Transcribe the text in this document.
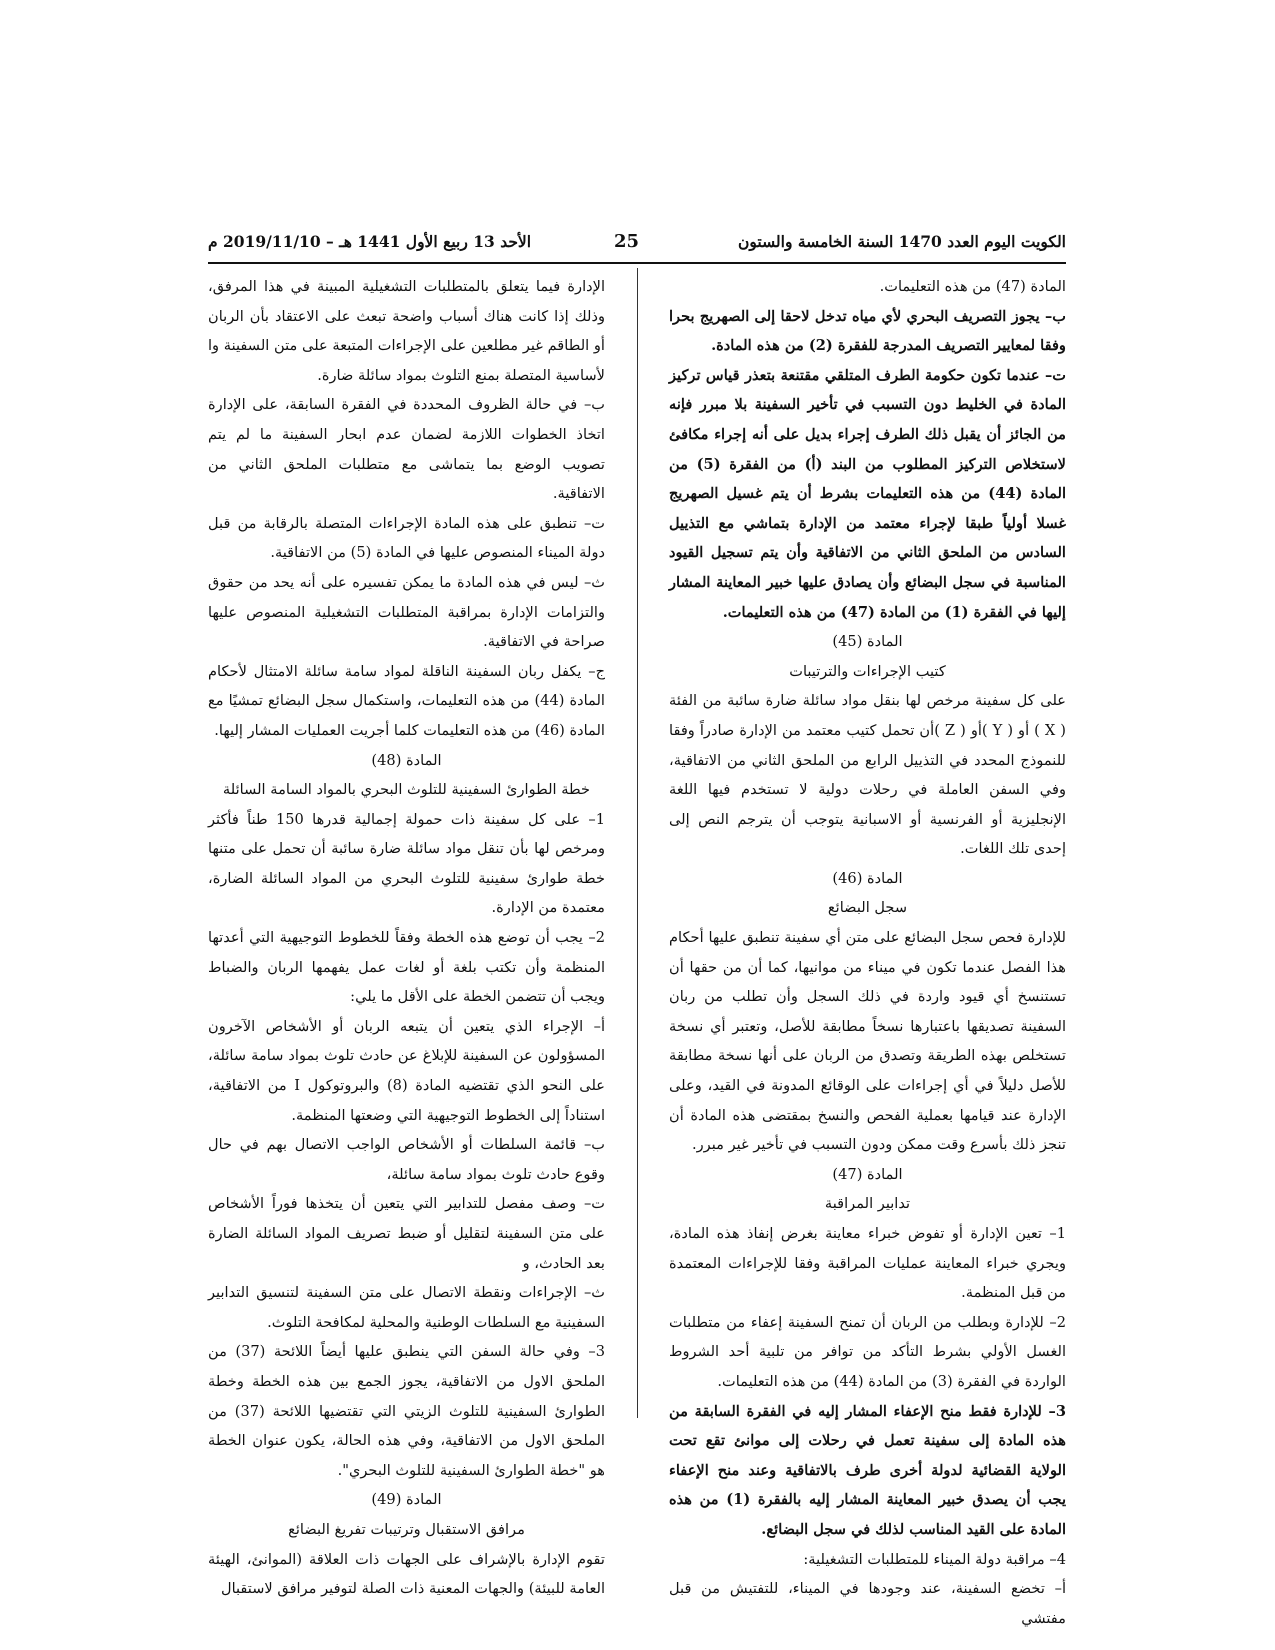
الكويت اليوم العدد 1470 السنة الخامسة والستون
25
الأحد 13 ربيع الأول 1441 هـ – 2019/11/10 م

المادة (47) من هذه التعليمات.

ب– يجوز التصريف البحري لأي مياه تدخل لاحقا إلى الصهريج بحرا وفقا لمعايير التصريف المدرجة للفقرة (2) من هذه المادة.

ت– عندما تكون حكومة الطرف المتلقي مقتنعة بتعذر قياس تركيز المادة في الخليط دون التسبب في تأخير السفينة بلا مبرر فإنه من الجائز أن يقبل ذلك الطرف إجراء بديل على أنه إجراء مكافئ لاستخلاص التركيز المطلوب من البند (أ) من الفقرة (5) من المادة (44) من هذه التعليمات بشرط أن يتم غسيل الصهريج غسلا أولياً طبقا لإجراء معتمد من الإدارة بتماشي مع التذييل السادس من الملحق الثاني من الاتفاقية وأن يتم تسجيل القيود المناسبة في سجل البضائع وأن يصادق عليها خبير المعاينة المشار إليها في الفقرة (1) من المادة (47) من هذه التعليمات.

المادة (45)

كتيب الإجراءات والترتيبات

على كل سفينة مرخص لها بنقل مواد سائلة ضارة سائبة من الفئة ( X ) أو ( Y )أو ( Z )أن تحمل كتيب معتمد من الإدارة صادراً وفقا للنموذج المحدد في التذييل الرابع من الملحق الثاني من الاتفاقية، وفي السفن العاملة في رحلات دولية لا تستخدم فيها اللغة الإنجليزية أو الفرنسية أو الاسبانية يتوجب أن يترجم النص إلى إحدى تلك اللغات.

المادة (46)

سجل البضائع

للإدارة فحص سجل البضائع على متن أي سفينة تنطبق عليها أحكام هذا الفصل عندما تكون في ميناء من موانيها، كما أن من حقها أن تستنسخ أي قيود واردة في ذلك السجل وأن تطلب من ربان السفينة تصديقها باعتبارها نسخاً مطابقة للأصل، وتعتبر أي نسخة تستخلص بهذه الطريقة وتصدق من الربان على أنها نسخة مطابقة للأصل دليلاً في أي إجراءات على الوقائع المدونة في القيد، وعلى الإدارة عند قيامها بعملية الفحص والنسخ بمقتضى هذه المادة أن تنجز ذلك بأسرع وقت ممكن ودون التسبب في تأخير غير مبرر.

المادة (47)

تدابير المراقبة

1– تعين الإدارة أو تفوض خبراء معاينة بغرض إنفاذ هذه المادة، ويجري خبراء المعاينة عمليات المراقبة وفقا للإجراءات المعتمدة من قبل المنظمة.

2– للإدارة وبطلب من الربان أن تمنح السفينة إعفاء من متطلبات الغسل الأولي بشرط التأكد من توافر من تلبية أحد الشروط الواردة في الفقرة (3) من المادة (44) من هذه التعليمات.

3– للإدارة فقط منح الإعفاء المشار إليه في الفقرة السابقة من هذه المادة إلى سفينة تعمل في رحلات إلى موانئ تقع تحت الولاية القضائية لدولة أخرى طرف بالاتفاقية وعند منح الإعفاء يجب أن يصدق خبير المعاينة المشار إليه بالفقرة (1) من هذه المادة على القيد المناسب لذلك في سجل البضائع.

4– مراقبة دولة الميناء للمتطلبات التشغيلية:

أ– تخضع السفينة، عند وجودها في الميناء، للتفتيش من قبل مفتشي

الإدارة فيما يتعلق بالمتطلبات التشغيلية المبينة في هذا المرفق، وذلك إذا كانت هناك أسباب واضحة تبعث على الاعتقاد بأن الربان أو الطاقم غير مطلعين على الإجراءات المتبعة على متن السفينة وا لأساسية المتصلة بمنع التلوث بمواد سائلة ضارة.

ب– في حالة الظروف المحددة في الفقرة السابقة، على الإدارة اتخاذ الخطوات اللازمة لضمان عدم ابحار السفينة ما لم يتم تصويب الوضع بما يتماشى مع متطلبات الملحق الثاني من الاتفاقية.

ت– تنطبق على هذه المادة الإجراءات المتصلة بالرقابة من قبل دولة الميناء المنصوص عليها في المادة (5) من الاتفاقية.

ث– ليس في هذه المادة ما يمكن تفسيره على أنه يحد من حقوق والتزامات الإدارة بمراقبة المتطلبات التشغيلية المنصوص عليها صراحة في الاتفاقية.

ج– يكفل ربان السفينة الناقلة لمواد سامة سائلة الامتثال لأحكام المادة (44) من هذه التعليمات، واستكمال سجل البضائع تمشيًا مع المادة (46) من هذه التعليمات كلما أجريت العمليات المشار إليها.

المادة (48)

خطة الطوارئ السفينية للتلوث البحري بالمواد السامة السائلة

1– على كل سفينة ذات حمولة إجمالية قدرها 150 طناً فأكثر ومرخص لها بأن تنقل مواد سائلة ضارة سائبة أن تحمل على متنها خطة طوارئ سفينية للتلوث البحري من المواد السائلة الضارة، معتمدة من الإدارة.

2– يجب أن توضع هذه الخطة وفقاً للخطوط التوجيهية التي أعدتها المنظمة وأن تكتب بلغة أو لغات عمل يفهمها الربان والضباط ويجب أن تتضمن الخطة على الأقل ما يلي:

أ– الإجراء الذي يتعين أن يتبعه الربان أو الأشخاص الآخرون المسؤولون عن السفينة للإبلاغ عن حادث تلوث بمواد سامة سائلة، على النحو الذي تقتضيه المادة (8) والبروتوكول I من الاتفاقية، استناداً إلى الخطوط التوجيهية التي وضعتها المنظمة.

ب– قائمة السلطات أو الأشخاص الواجب الاتصال بهم في حال وقوع حادث تلوث بمواد سامة سائلة،

ت– وصف مفصل للتدابير التي يتعين أن يتخذها فوراً الأشخاص على متن السفينة لتقليل أو ضبط تصريف المواد السائلة الضارة بعد الحادث، و

ث– الإجراءات ونقطة الاتصال على متن السفينة لتنسيق التدابير السفينية مع السلطات الوطنية والمحلية لمكافحة التلوث.

3– وفي حالة السفن التي ينطبق عليها أيضاً اللائحة (37) من الملحق الاول من الاتفاقية، يجوز الجمع بين هذه الخطة وخطة الطوارئ السفينية للتلوث الزيتي التي تقتضيها اللائحة (37) من الملحق الاول من الاتفاقية، وفي هذه الحالة، يكون عنوان الخطة هو "خطة الطوارئ السفينية للتلوث البحري".

المادة (49)

مرافق الاستقبال وترتيبات تفريغ البضائع

تقوم الإدارة بالإشراف على الجهات ذات العلاقة (الموانئ، الهيئة العامة للبيئة) والجهات المعنية ذات الصلة لتوفير مرافق لاستقبال
